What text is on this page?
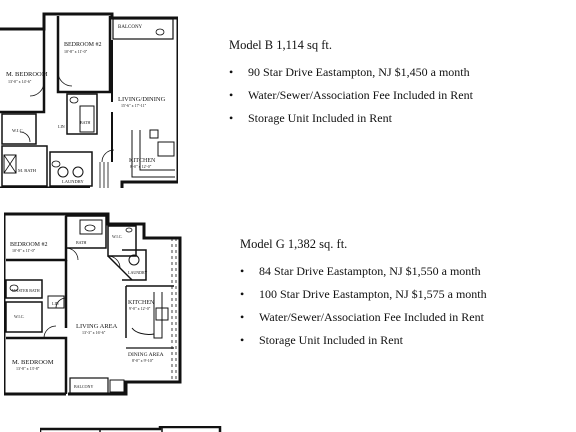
BALCONY
BEDROOM #2
10'-8" x 11'-0"
M. BEDROOM
13'-0" x 14'-6"
LIVING/DINING
15'-6" x 17'-11"
BATH
LIN
W.I.C.
M. BATH
LAUNDRY
KITCHEN
8'-0" x 12'-0"
Model B 1,114 sq ft.
• 90 Star Drive Eastampton, NJ $1,450 a month
• Water/Sewer/Association Fee Included in Rent
• Storage Unit Included in Rent
BATH
W.I.C.
BEDROOM #2
10'-8" x 11'-0"
LAUNDRY
MASTER BATH
LIN
W.I.C.
KITCHEN
9'-0" x 12'-0"
LIVING AREA
13'-3" x 16'-6"
M. BEDROOM
13'-8" x 13'-8"
DINING AREA
8'-0" x 9'-10"
BALCONY
Model G 1,382 sq. ft.
• 84 Star Drive Eastampton, NJ $1,550 a month
• 100 Star Drive Eastampton, NJ $1,575 a month
• Water/Sewer/Association Fee Included in Rent
• Storage Unit Included in Rent
